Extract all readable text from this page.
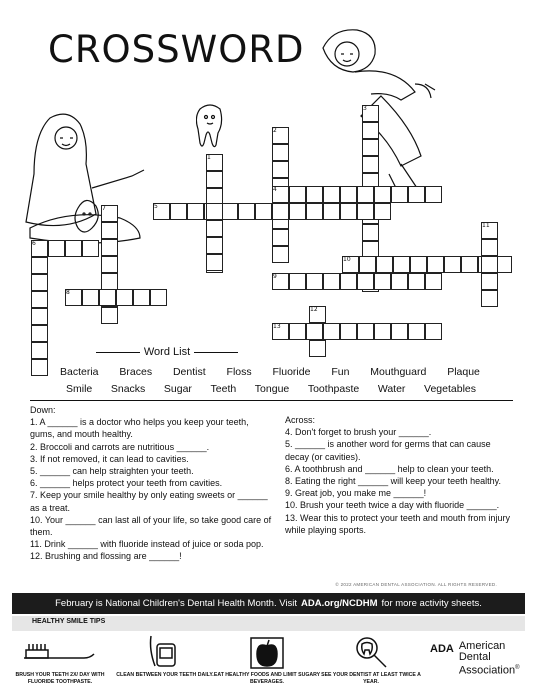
CROSSWORD
1
2
3
4
5
6
7
8
9
10
11
12
13
Word List
Bacteria Braces Dentist Floss Fluoride Fun Mouthguard Plaque
Smile Snacks Sugar Teeth Tongue Toothpaste Water Vegetables

Down:

1. A ______ is a doctor who helps you keep your teeth, gums, and mouth healthy.

2. Broccoli and carrots are nutritious ______.

3. If not removed, it can lead to cavities.

5. ______ can help straighten your teeth.

6. ______ helps protect your teeth from cavities.

7. Keep your smile healthy by only eating sweets or ______ as a treat.

10. Your ______ can last all of your life, so take good care of them.

11. Drink ______ with fluoride instead of juice or soda pop.

12. Brushing and flossing are ______!

Across:

4. Don't forget to brush your ______.

5. ______ is another word for germs that can cause decay (or cavities).

6. A toothbrush and ______ help to clean your teeth.

8. Eating the right ______ will keep your teeth healthy.

9. Great job, you make me ______!

10. Brush your teeth twice a day with fluoride ______.

13. Wear this to protect your teeth and mouth from injury while playing sports.

© 2022 AMERICAN DENTAL ASSOCIATION. ALL RIGHTS RESERVED.
February is National Children's Dental Health Month. Visit ADA.org/NCDHM for more activity sheets.
HEALTHY SMILE TIPS
BRUSH YOUR TEETH 2X/ DAY WITH FLUORIDE TOOTHPASTE.
CLEAN BETWEEN YOUR TEETH DAILY. EAT HEALTHY FOODS AND LIMIT SUGARY BEVERAGES.
SEE YOUR DENTIST AT LEAST TWICE A YEAR.
ADA American
Dental
Association®
